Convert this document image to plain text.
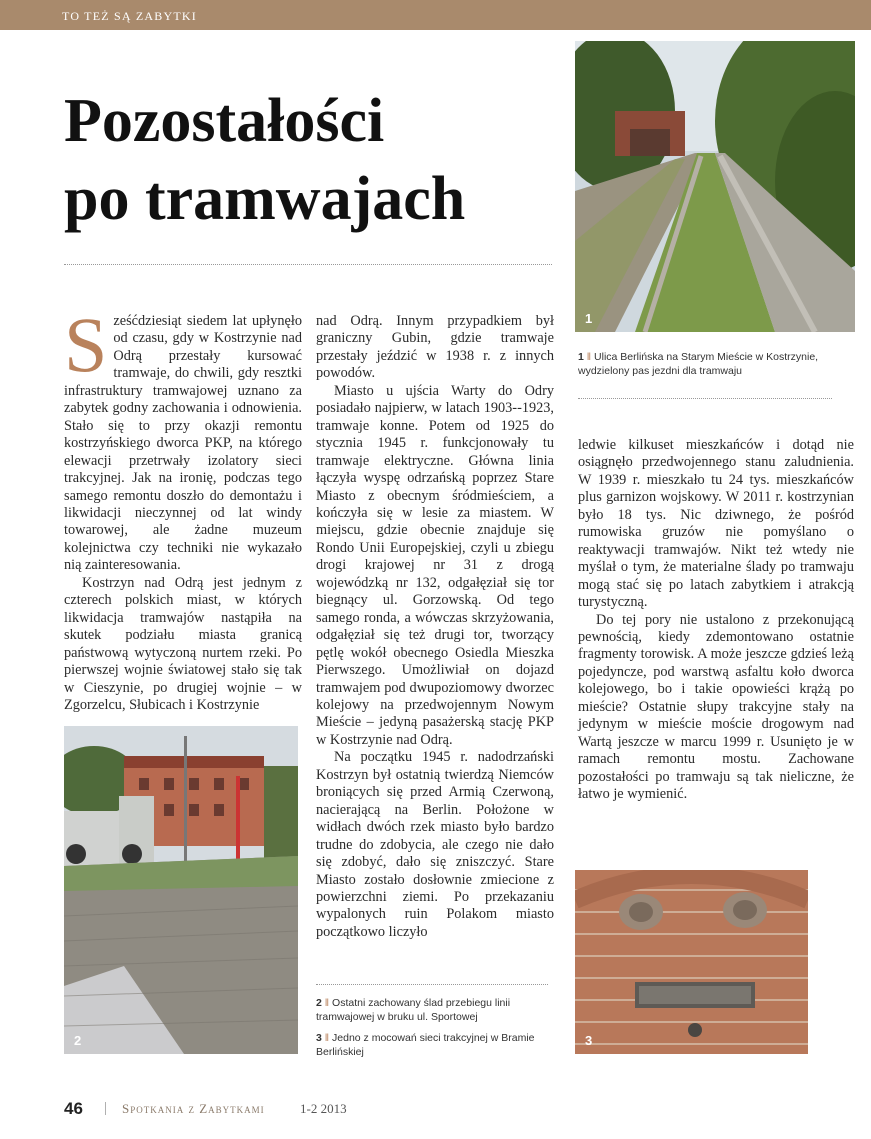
TO TEŻ SĄ ZABYTKI
Pozostałości
po tramwajach
1
1 ‖ Ulica Berlińska na Starym Mieście w Kostrzynie, wydzielony pas jezdni dla tramwaju

Sześćdziesiąt siedem lat upłynęło od czasu, gdy w Kostrzynie nad Odrą przestały kursować tramwaje, do chwili, gdy resztki infrastruktury tramwajowej uznano za zabytek godny zachowania i odnowienia. Stało się to przy okazji remontu kostrzyńskiego dworca PKP, na którego elewacji przetrwały izolatory sieci trakcyjnej. Jak na ironię, podczas tego samego remontu doszło do demontażu i likwidacji nieczynnej od lat windy towarowej, ale żadne muzeum kolejnictwa czy techniki nie wykazało nią zainteresowania.

Kostrzyn nad Odrą jest jednym z czterech polskich miast, w których likwidacja tramwajów nastąpiła na skutek podziału miasta granicą państwową wytyczoną nurtem rzeki. Po pierwszej wojnie światowej stało się tak w Cieszynie, po drugiej wojnie – w Zgorzelcu, Słubicach i Kostrzynie

nad Odrą. Innym przypadkiem był graniczny Gubin, gdzie tramwaje przestały jeździć w 1938 r. z innych powodów.

Miasto u ujścia Warty do Odry posiadało najpierw, w latach 1903--1923, tramwaje konne. Potem od 1925 do stycznia 1945 r. funkcjonowały tu tramwaje elektryczne. Główna linia łączyła wyspę odrzańską poprzez Stare Miasto z obecnym śródmieściem, a kończyła się w lesie za miastem. W miejscu, gdzie obecnie znajduje się Rondo Unii Europejskiej, czyli u zbiegu drogi krajowej nr 31 z drogą wojewódzką nr 132, odgałęział się tor biegnący ul. Gorzowską. Od tego samego ronda, a wówczas skrzyżowania, odgałęział się też drugi tor, tworzący pętlę wokół obecnego Osiedla Mieszka Pierwszego. Umożliwiał on dojazd tramwajem pod dwupoziomowy dworzec kolejowy na przedwojennym Nowym Mieście – jedyną pasażerską stację PKP w Kostrzynie nad Odrą.

Na początku 1945 r. nadodrzański Kostrzyn był ostatnią twierdzą Niemców broniących się przed Armią Czerwoną, nacierającą na Berlin. Położone w widłach dwóch rzek miasto było bardzo trudne do zdobycia, ale czego nie dało się zdobyć, dało się zniszczyć. Stare Miasto zostało dosłownie zmiecione z powierzchni ziemi. Po przekazaniu wypalonych ruin Polakom miasto początkowo liczyło

ledwie kilkuset mieszkańców i dotąd nie osiągnęło przedwojennego stanu zaludnienia. W 1939 r. mieszkało tu 24 tys. mieszkańców plus garnizon wojskowy. W 2011 r. kostrzynian było 18 tys. Nic dziwnego, że pośród rumowiska gruzów nie pomyślano o reaktywacji tramwajów. Nikt też wtedy nie myślał o tym, że materialne ślady po tramwaju mogą stać się po latach zabytkiem i atrakcją turystyczną.

Do tej pory nie ustalono z przekonującą pewnością, kiedy zdemontowano ostatnie fragmenty torowisk. A może jeszcze gdzieś leżą pojedyncze, pod warstwą asfaltu koło dworca kolejowego, bo i takie opowieści krążą po mieście? Ostatnie słupy trakcyjne stały na jedynym w mieście moście drogowym nad Wartą jeszcze w marcu 1999 r. Usunięto je w ramach remontu mostu. Zachowane pozostałości po tramwaju są tak nieliczne, że łatwo je wymienić.

2
2 ‖ Ostatni zachowany ślad przebiegu linii tramwajowej w bruku ul. Sportowej
3 ‖ Jedno z mocowań sieci trakcyjnej w Bramie Berlińskiej
3
46 | Spotkania z Zabytkami	1-2 2013
